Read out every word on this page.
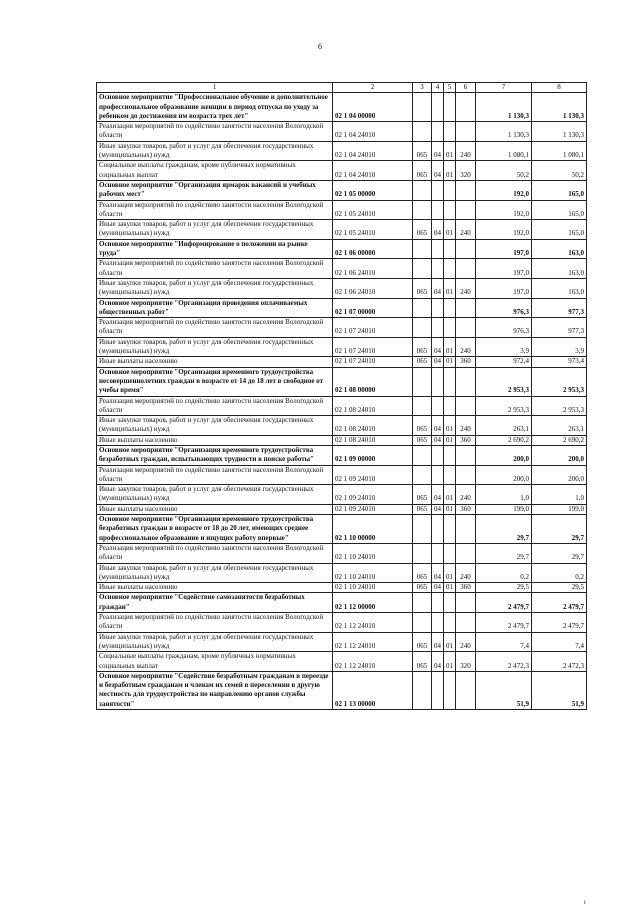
6
1	2	3	4	5	6	7	8
Основное мероприятие "Профессиональное обучение и дополнительное профессиональное образование женщин в период отпуска по уходу за ребенком до достижения им возраста трех лет"	02 1 04 00000					1 130,3	1 130,3
Реализация мероприятий по содействию занятости населения Вологодской области	02 1 04 24010					1 130,3	1 130,3
Иные закупки товаров, работ и услуг для обеспечения государственных (муниципальных) нужд	02 1 04 24010	065	04	01	240	1 080,1	1 080,1
Социальные выплаты гражданам, кроме публичных нормативных социальных выплат	02 1 04 24010	065	04	01	320	50,2	50,2
Основное мероприятие "Организация ярмарок вакансий и учебных рабочих мест"	02 1 05 00000					192,0	165,0
Реализация мероприятий по содействию занятости населения Вологодской области	02 1 05 24010					192,0	165,0
Иные закупки товаров, работ и услуг для обеспечения государственных (муниципальных) нужд	02 1 05 24010	065	04	01	240	192,0	165,0
Основное мероприятие "Информирование о положении на рынке труда"	02 1 06 00000					197,0	163,0
Реализация мероприятий по содействию занятости населения Вологодской области	02 1 06 24010					197,0	163,0
Иные закупки товаров, работ и услуг для обеспечения государственных (муниципальных) нужд	02 1 06 24010	065	04	01	240	197,0	163,0
Основное мероприятие "Организация проведения оплачиваемых общественных работ"	02 1 07 00000					976,3	977,3
Реализация мероприятий по содействию занятости населения Вологодской области	02 1 07 24010					976,3	977,3
Иные закупки товаров, работ и услуг для обеспечения государственных (муниципальных) нужд	02 1 07 24010	065	04	01	240	3,9	3,9
Иные выплаты населению	02 1 07 24010	065	04	01	360	972,4	973,4
Основное мероприятие "Организация временного трудоустройства несовершеннолетних граждан в возрасте от 14 до 18 лет в свободное от учебы время"	02 1 08 00000					2 953,3	2 953,3
Реализация мероприятий по содействию занятости населения Вологодской области	02 1 08 24010					2 953,3	2 953,3
Иные закупки товаров, работ и услуг для обеспечения государственных (муниципальных) нужд	02 1 08 24010	065	04	01	240	263,1	263,1
Иные выплаты населению	02 1 08 24010	065	04	01	360	2 690,2	2 690,2
Основное мероприятие "Организация временного трудоустройства безработных граждан, испытывающих трудности в поиске работы"	02 1 09 00000					200,0	200,0
Реализация мероприятий по содействию занятости населения Вологодской области	02 1 09 24010					200,0	200,0
Иные закупки товаров, работ и услуг для обеспечения государственных (муниципальных) нужд	02 1 09 24010	065	04	01	240	1,0	1,0
Иные выплаты населению	02 1 09 24010	065	04	01	360	199,0	199,0
Основное мероприятие "Организация временного трудоустройства безработных граждан в возрасте от 18 до 20 лет, имеющих среднее профессиональное образование и ищущих работу впервые"	02 1 10 00000					29,7	29,7
Реализация мероприятий по содействию занятости населения Вологодской области	02 1 10 24010					29,7	29,7
Иные закупки товаров, работ и услуг для обеспечения государственных (муниципальных) нужд	02 1 10 24010	065	04	01	240	0,2	0,2
Иные выплаты населению	02 1 10 24010	065	04	01	360	29,5	29,5
Основное мероприятие "Содействие самозанятости безработных граждан"	02 1 12 00000					2 479,7	2 479,7
Реализация мероприятий по содействию занятости населения Вологодской области	02 1 12 24010					2 479,7	2 479,7
Иные закупки товаров, работ и услуг для обеспечения государственных (муниципальных) нужд	02 1 12 24010	065	04	01	240	7,4	7,4
Социальные выплаты гражданам, кроме публичных нормативных социальных выплат	02 1 12 24010	065	04	01	320	2 472,3	2 472,3
Основное мероприятие "Содействие безработным гражданам в переезде и безработным гражданам и членам их семей в переселении в другую местность для трудоустройства по направлению органов службы занятости"	02 1 13 00000					51,9	51,9
i
